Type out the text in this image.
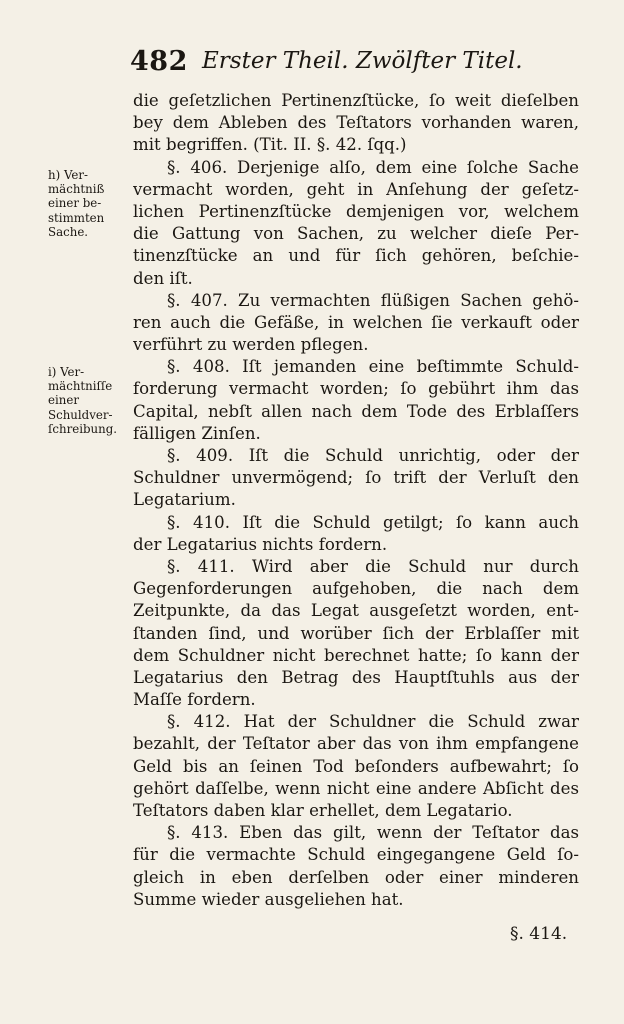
482 Erster Theil. Zwölfter Titel.
h) Ver-
mächtniß
einer be-
stimmten
Sache.
i) Ver-
mächtniſſe
einer
Schuldver-
ſchreibung.
die geſetzlichen Pertinenzſtücke, ſo weit dieſelben
bey dem Ableben des Teſtators vorhanden waren,
mit begriffen. (Tit. II. §. 42. ſqq.)
§. 406. Derjenige alſo, dem eine ſolche Sache
vermacht worden, geht in Anſehung der geſetz-
lichen Pertinenzſtücke demjenigen vor, welchem
die Gattung von Sachen, zu welcher dieſe Per-
tinenzſtücke an und für ſich gehören, beſchie-
den iſt.
§. 407. Zu vermachten flüßigen Sachen gehö-
ren auch die Gefäße, in welchen ſie verkauft oder
verführt zu werden pflegen.
§. 408. Iſt jemanden eine beſtimmte Schuld-
forderung vermacht worden; ſo gebührt ihm das
Capital, nebſt allen nach dem Tode des Erblaſſers
fälligen Zinſen.
§. 409. Iſt die Schuld unrichtig, oder der
Schuldner unvermögend; ſo trift der Verluſt den
Legatarium.
§. 410. Iſt die Schuld getilgt; ſo kann auch
der Legatarius nichts fordern.
§. 411. Wird aber die Schuld nur durch
Gegenforderungen aufgehoben, die nach dem
Zeitpunkte, da das Legat ausgeſetzt worden, ent-
ſtanden ſind, und worüber ſich der Erblaſſer mit
dem Schuldner nicht berechnet hatte; ſo kann der
Legatarius den Betrag des Hauptſtuhls aus der
Maſſe fordern.
§. 412. Hat der Schuldner die Schuld zwar
bezahlt, der Teſtator aber das von ihm empfangene
Geld bis an ſeinen Tod beſonders aufbewahrt; ſo
gehört daſſelbe, wenn nicht eine andere Abſicht des
Teſtators daben klar erhellet, dem Legatario.
§. 413. Eben das gilt, wenn der Teſtator das
für die vermachte Schuld eingegangene Geld ſo-
gleich in eben derſelben oder einer minderen
Summe wieder ausgeliehen hat.
§. 414.
